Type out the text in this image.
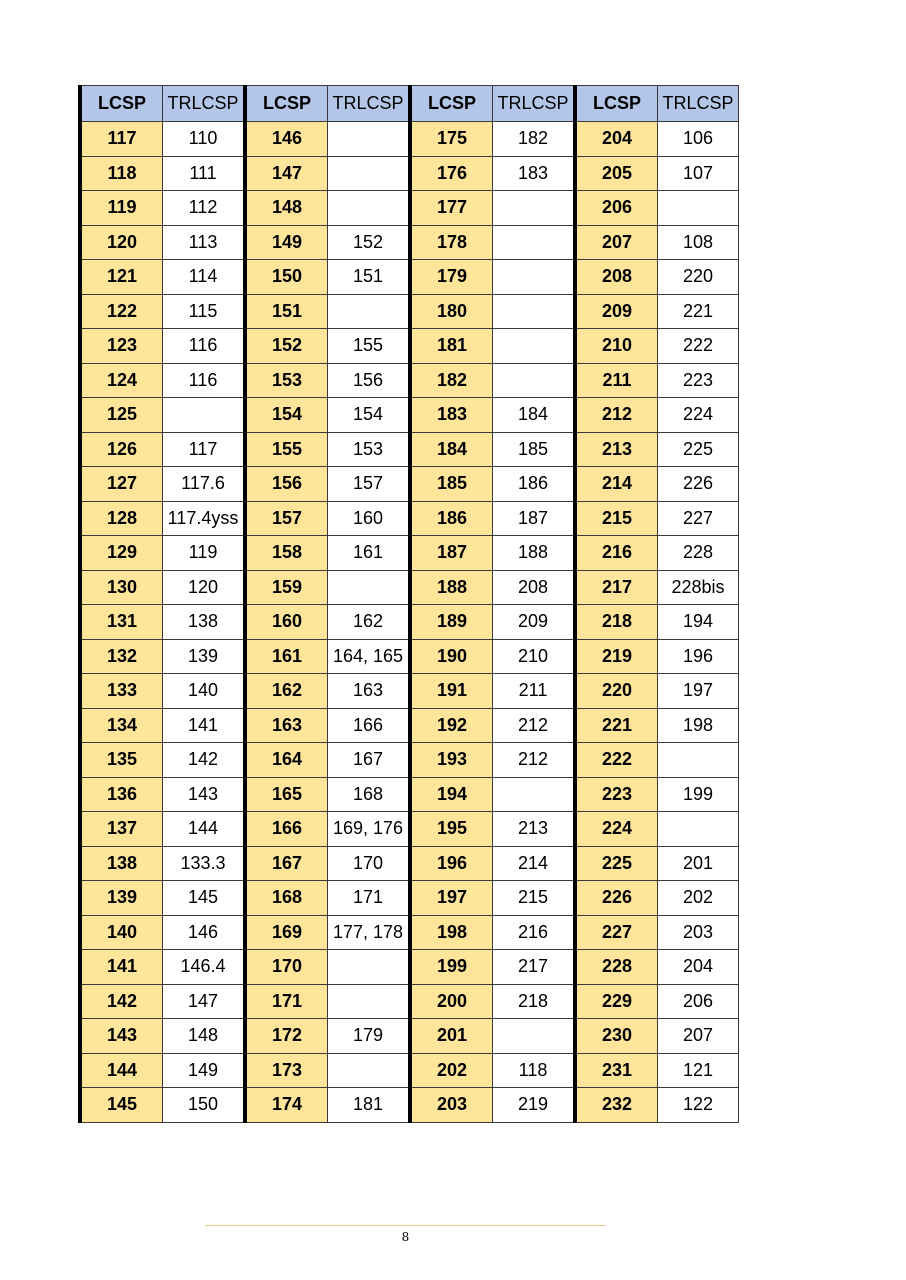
LCSP	TRLCSP	LCSP	TRLCSP	LCSP	TRLCSP	LCSP	TRLCSP
117	110	146		175	182	204	106
118	111	147		176	183	205	107
119	112	148		177		206	
120	113	149	152	178		207	108
121	114	150	151	179		208	220
122	115	151		180		209	221
123	116	152	155	181		210	222
124	116	153	156	182		211	223
125		154	154	183	184	212	224
126	117	155	153	184	185	213	225
127	117.6	156	157	185	186	214	226
128	117.4yss	157	160	186	187	215	227
129	119	158	161	187	188	216	228
130	120	159		188	208	217	228bis
131	138	160	162	189	209	218	194
132	139	161	164, 165	190	210	219	196
133	140	162	163	191	211	220	197
134	141	163	166	192	212	221	198
135	142	164	167	193	212	222	
136	143	165	168	194		223	199
137	144	166	169, 176	195	213	224	
138	133.3	167	170	196	214	225	201
139	145	168	171	197	215	226	202
140	146	169	177, 178	198	216	227	203
141	146.4	170		199	217	228	204
142	147	171		200	218	229	206
143	148	172	179	201		230	207
144	149	173		202	118	231	121
145	150	174	181	203	219	232	122
8
